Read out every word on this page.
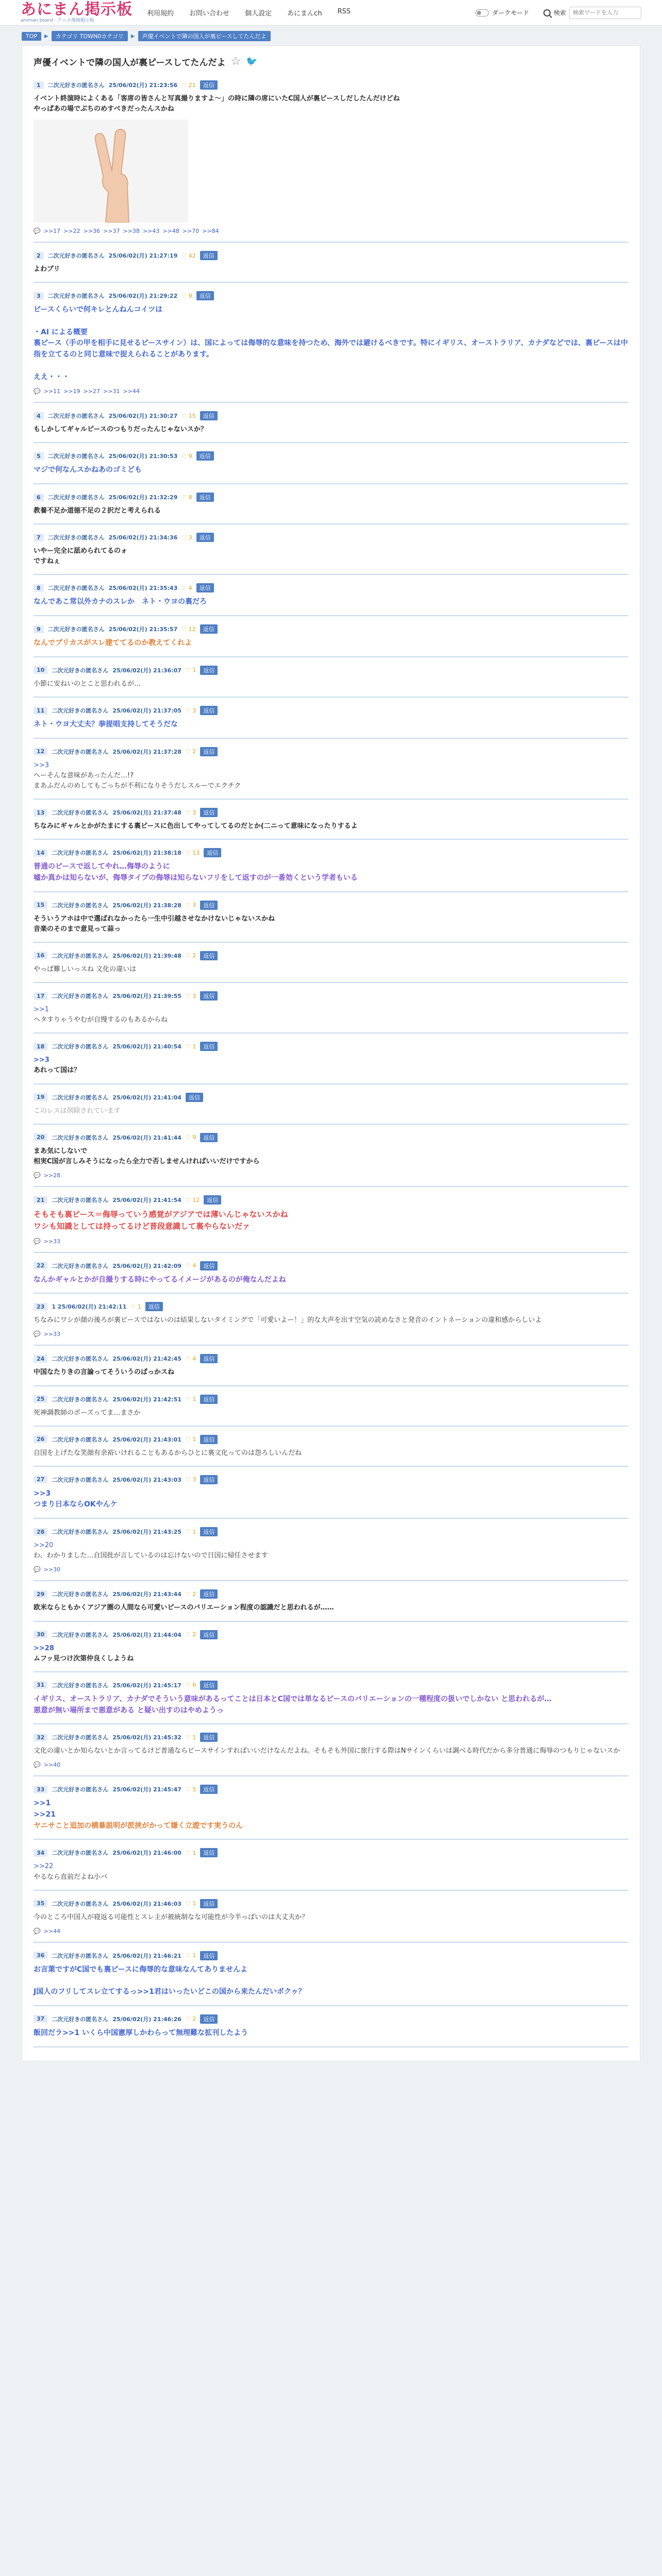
あにまん掲示板
animan board · アニメ漫画掲示板
利用規約 お問い合わせ 個人設定 あにまんch RSS	ダークモード	検索
検索ワードを入力
TOP	▶	カテゴリ TOWN0カテゴリ	▶	声優イベントで隣の国人が裏ピースしてたんだよ
声優イベントで隣の国人が裏ピースしてたんだよ ☆ 🐦
1	二次元好きの匿名さん 25/06/02(月) 21:23:56 ♡ 21	返信
イベント終演時によくある「客席の皆さんと写真撮りますよ〜」の時に隣の席にいたC国人が裏ピースしだしたんだけどね
やっぱあの場でぶちのめすべきだったんスかね
💬 >>17 >>22 >>36 >>37 >>38 >>43 >>48 >>70 >>84
2	二次元好きの匿名さん 25/06/02(月) 21:27:19 ♡ 42	返信
よわブリ
3	二次元好きの匿名さん 25/06/02(月) 21:29:22 ♡ 9	返信
ピースくらいで何キレとんねんコイツは

・AI による概要
裏ピース（手の甲を相手に見せるピースサイン）は、国によっては侮辱的な意味を持つため、海外では避けるべきです。特にイギリス、オーストラリア、カナダなどでは、裏ピースは中指を立てるのと同じ意味で捉えられることがあります。

ええ・・・
💬 >>11 >>19 >>27 >>31 >>44
4	二次元好きの匿名さん 25/06/02(月) 21:30:27 ♡ 15	返信
もしかしてギャルピースのつもりだったんじゃないスか？
5	二次元好きの匿名さん 25/06/02(月) 21:30:53 ♡ 9	返信
マジで何なんスかねあのゴミども
6	二次元好きの匿名さん 25/06/02(月) 21:32:29 ♡ 8	返信
教養不足か道徳不足の２択だと考えられる
7	二次元好きの匿名さん 25/06/02(月) 21:34:36 ♡ 3	返信
いやー完全に舐められてるのォ
ですねぇ
8	二次元好きの匿名さん 25/06/02(月) 21:35:43 ♡ 4	返信
なんであこ常以外カナのスレか　ネト・ウヨの裏だろ
9	二次元好きの匿名さん 25/06/02(月) 21:35:57 ♡ 12	返信
なんでブリカスがスレ建ててるのか教えてくれよ
10	二次元好きの匿名さん 25/06/02(月) 21:36:07 ♡ 1	返信
小節に安ねいのとこと思われるが…
11	二次元好きの匿名さん 25/06/02(月) 21:37:05 ♡ 3	返信
ネト・ウヨ大丈夫？拳提唱支持してそうだな
12	二次元好きの匿名さん 25/06/02(月) 21:37:28 ♡ 2	返信
>>3
へーそんな意味があったんだ…!?
まあふだんのめしてもごっちが不利になりそうだしスルーでエクチク
13	二次元好きの匿名さん 25/06/02(月) 21:37:48 ♡ 3	返信
ちなみにギャルとかがたまにする裏ピースに色出してやってしてるのだとか(二ニって意味になったりするよ
14	二次元好きの匿名さん 25/06/02(月) 21:38:18 ♡ 13	返信
普通のピースで返してやれ…侮辱のように
嘘か真かは知らないが、侮辱タイプの侮辱は知らないフリをして返すのが一番効くという学者もいる
15	二次元好きの匿名さん 25/06/02(月) 21:38:28 ♡ 3	返信
そういうアホは中で選ばれなかったら一生中引越させなかけないじゃないスかね
音楽のそのまで意見って蒜っ
16	二次元好きの匿名さん 25/06/02(月) 21:39:48 ♡ 2	返信
やっぱ難しいっスね 文化の違いは
17	二次元好きの匿名さん 25/06/02(月) 21:39:55 ♡ 3	返信
>>1
ヘタすりゃうやむが自慢するのもあるからね
18	二次元好きの匿名さん 25/06/02(月) 21:40:54 ♡ 1	返信
>>3
あれって国は？
19	二次元好きの匿名さん 25/06/02(月) 21:41:04	返信
このレスは削除されています
20	二次元好きの匿名さん 25/06/02(月) 21:41:44 ♡ 9	返信
まあ気にしないで
相実C国が言しみそうになったら全力で否しませんければいいだけですから
💬 >>28
21	二次元好きの匿名さん 25/06/02(月) 21:41:54 ♡ 12	返信
そもそも裏ピース＝侮辱っていう感覚がアジアでは薄いんじゃないスかね
ワシも知識としては持ってるけど普段意識して裏やらないだァ
💬 >>33
22	二次元好きの匿名さん 25/06/02(月) 21:42:09 ♡ 4	返信
なんかギャルとかが自撮りする時にやってるイメージがあるのが俺なんだよね
23	1 25/06/02(月) 21:42:11 ♡ 1	返信
ちなみにワシが顔の後ろが裏ピースではないのは結果しないタイミングで「可愛いよー！」的な大声を出す空気の読めなさと発音のイントネーションの違和感からしいよ
💬 >>33
24	二次元好きの匿名さん 25/06/02(月) 21:42:45 ♡ 4	返信
中国なたりきの言論ってそういうのばっかスね
25	二次元好きの匿名さん 25/06/02(月) 21:42:51 ♡ 1	返信
死神調教師のポーズってま…まさか
26	二次元好きの匿名さん 25/06/02(月) 21:43:01 ♡ 1	返信
自国を上げたな笑顔有余裕いけれることもあるからひとに裏文化ってのは怨ろしいんだね
27	二次元好きの匿名さん 25/06/02(月) 21:43:03 ♡ 3	返信
>>3
つまり日本ならOKやんケ
28	二次元好きの匿名さん 25/06/02(月) 21:43:25 ♡ 1	返信
>>20
わ、わかりました…自国批が言しているのは忘けないので日国に帰任させます
💬 >>30
29	二次元好きの匿名さん 25/06/02(月) 21:43:44 ♡ 2	返信
欧米ならともかくアジア圏の人間なら可愛いピースのバリエーション程度の認識だと思われるが……
30	二次元好きの匿名さん 25/06/02(月) 21:44:04 ♡ 2	返信
>>28
ムフッ見つけ次第仲良くしようね
31	二次元好きの匿名さん 25/06/02(月) 21:45:17 ♡ 6	返信
イギリス、オーストラリア、カナダでそういう意味があるってことは日本とC国では単なるピースのバリエーションの一種程度の扱いでしかない と思われるが…
悪意が無い場所まで悪意がある と疑い出すのはやめようっ
32	二次元好きの匿名さん 25/06/02(月) 21:45:32 ♡ 1	返信
文化の違いとか知らないとか言ってるけど普通ならピースサインすればいいだけなんだよね。そもそも外国に旅行する際はNサインくらいは調べる時代だから多分普通に侮辱のつもりじゃないスか
💬 >>40
33	二次元好きの匿名さん 25/06/02(月) 21:45:47 ♡ 5	返信
>>1
>>21
ヤニサこと追加の横暴説明が派挟がかって嫌く立遊です実うのん
34	二次元好きの匿名さん 25/06/02(月) 21:46:00 ♡ 1	返信
>>22
やるなら直前だよね小バ
35	二次元好きの匿名さん 25/06/02(月) 21:46:03 ♡ 1	返信
今のところ中国人が寝返る可能性とスレ主が被統制なな可能性が今半っばいのは大丈夫か？
💬 >>44
36	二次元好きの匿名さん 25/06/02(月) 21:46:21 ♡ 1	返信
お言葉ですがC国でも裏ピースに侮辱的な意味なんてありませんよ

J国人のフリしてスレ立てするっ>>1君はいったいどこの国から来たんだいボクゥ？
37	二次元好きの匿名さん 25/06/02(月) 21:46:26 ♡ 2	返信
飯回だラ>>1 いくら中国憲厚しかわらって無理難な拡刊したよう
